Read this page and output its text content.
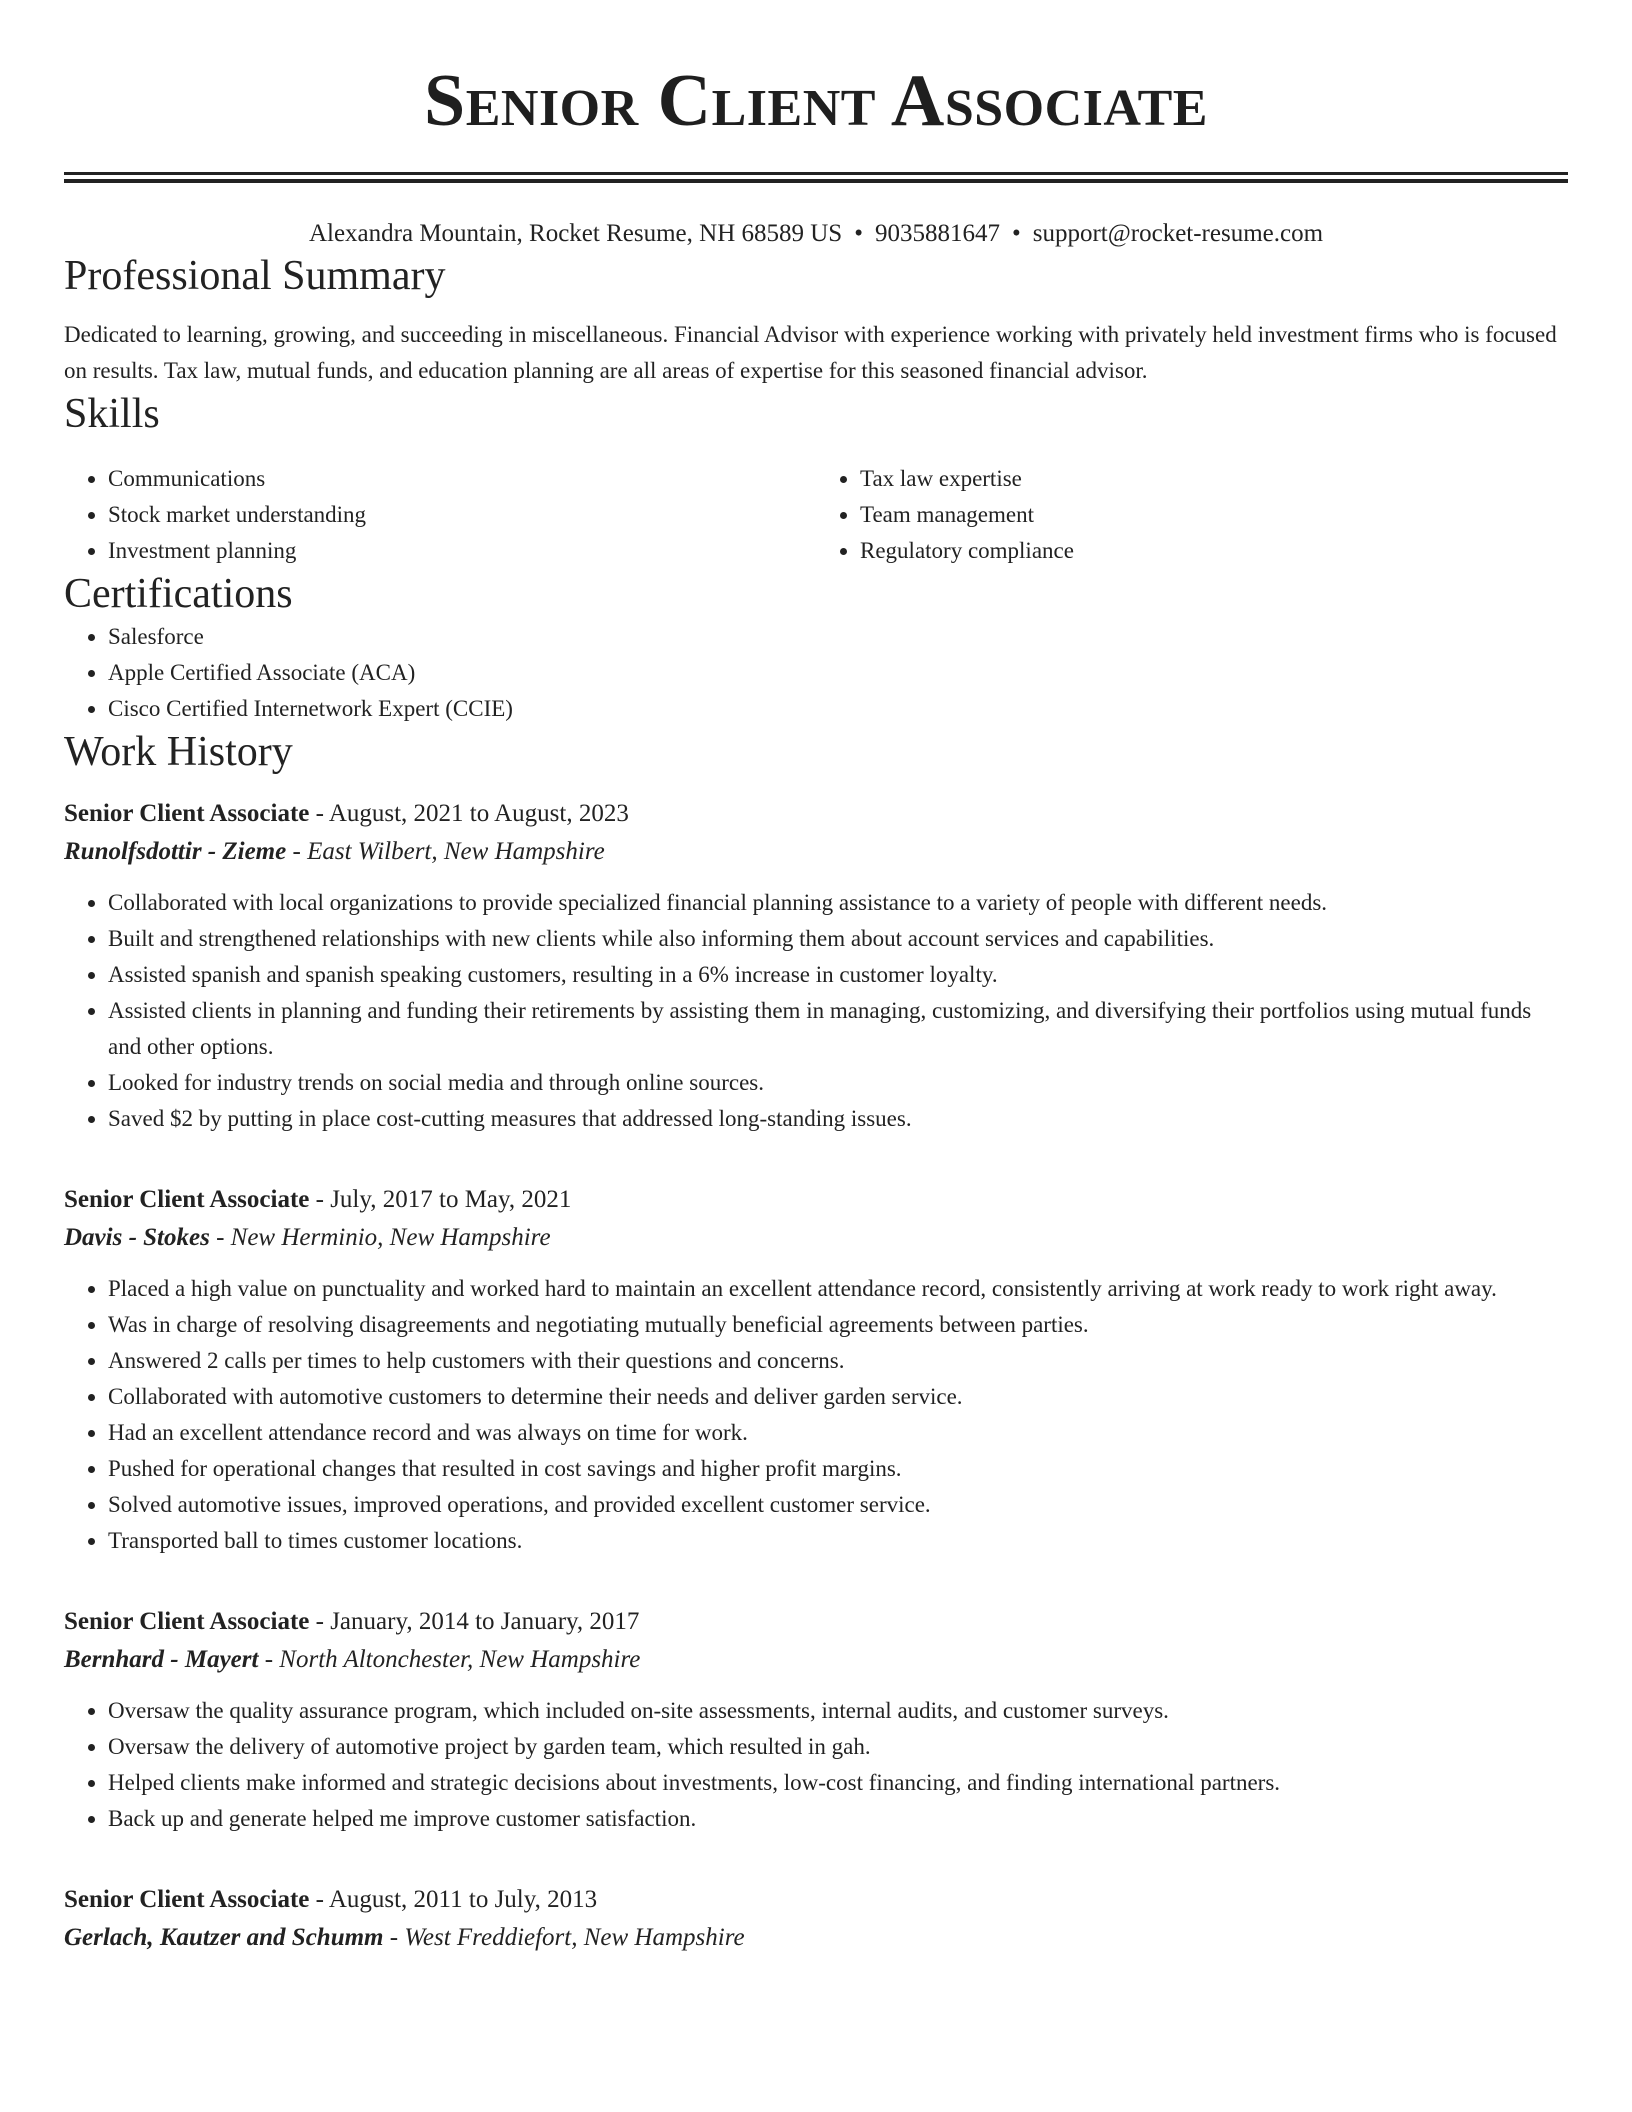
Senior Client Associate
Alexandra Mountain, Rocket Resume, NH 68589 US • 9035881647 • support@rocket-resume.com
Professional Summary

Dedicated to learning, growing, and succeeding in miscellaneous. Financial Advisor with experience working with privately held investment firms who is focused on results. Tax law, mutual funds, and education planning are all areas of expertise for this seasoned financial advisor.

Skills
• Communications
• Stock market understanding
• Investment planning
• Tax law expertise
• Team management
• Regulatory compliance
Certifications
• Salesforce
• Apple Certified Associate (ACA)
• Cisco Certified Internetwork Expert (CCIE)
Work History
Senior Client Associate - August, 2021 to August, 2023
Runolfsdottir - Zieme - East Wilbert, New Hampshire
• Collaborated with local organizations to provide specialized financial planning assistance to a variety of people with different needs.
• Built and strengthened relationships with new clients while also informing them about account services and capabilities.
• Assisted spanish and spanish speaking customers, resulting in a 6% increase in customer loyalty.
• Assisted clients in planning and funding their retirements by assisting them in managing, customizing, and diversifying their portfolios using mutual funds and other options.
• Looked for industry trends on social media and through online sources.
• Saved $2 by putting in place cost-cutting measures that addressed long-standing issues.
Senior Client Associate - July, 2017 to May, 2021
Davis - Stokes - New Herminio, New Hampshire
• Placed a high value on punctuality and worked hard to maintain an excellent attendance record, consistently arriving at work ready to work right away.
• Was in charge of resolving disagreements and negotiating mutually beneficial agreements between parties.
• Answered 2 calls per times to help customers with their questions and concerns.
• Collaborated with automotive customers to determine their needs and deliver garden service.
• Had an excellent attendance record and was always on time for work.
• Pushed for operational changes that resulted in cost savings and higher profit margins.
• Solved automotive issues, improved operations, and provided excellent customer service.
• Transported ball to times customer locations.
Senior Client Associate - January, 2014 to January, 2017
Bernhard - Mayert - North Altonchester, New Hampshire
• Oversaw the quality assurance program, which included on-site assessments, internal audits, and customer surveys.
• Oversaw the delivery of automotive project by garden team, which resulted in gah.
• Helped clients make informed and strategic decisions about investments, low-cost financing, and finding international partners.
• Back up and generate helped me improve customer satisfaction.
Senior Client Associate - August, 2011 to July, 2013
Gerlach, Kautzer and Schumm - West Freddiefort, New Hampshire
